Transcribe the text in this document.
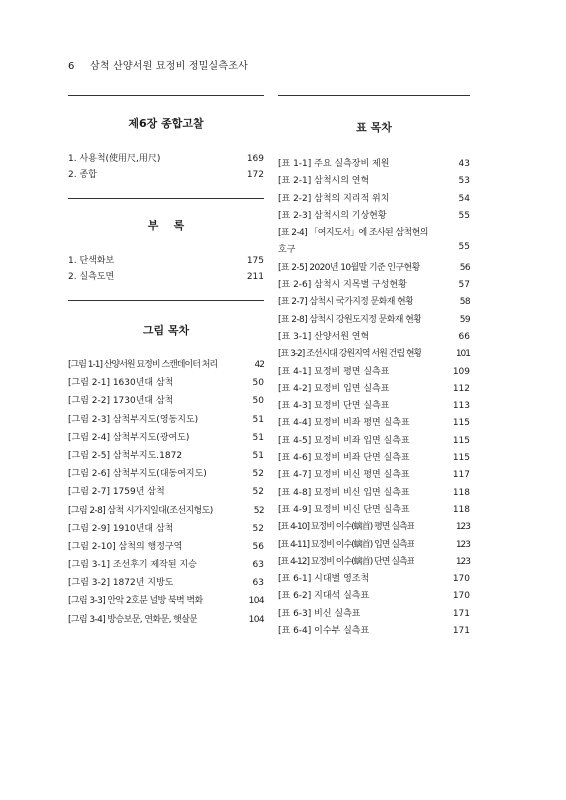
6 삼척 산양서원 묘정비 정밀실측조사
제6장 종합고찰
1. 사용척(使用尺,用尺)	169
2. 종합	172
부    록
1. 단색화보	175
2. 실측도면	211
그림 목차
[그림 1-1] 산양서원 묘정비 스캔데이터 처리	42
[그림 2-1] 1630년대 삼척	50
[그림 2-2] 1730년대 삼척	50
[그림 2-3] 삼척부지도(영동지도)	51
[그림 2-4] 삼척부지도(광여도)	51
[그림 2-5] 삼척부지도.1872	51
[그림 2-6] 삼척부지도(대동여지도)	52
[그림 2-7] 1759년 삼척	52
[그림 2-8] 삼척 시가지일대(조선지형도)	52
[그림 2-9] 1910년대 삼척	52
[그림 2-10] 삼척의 행정구역	56
[그림 3-1] 조선후기 제작된 지승	63
[그림 3-2] 1872년 지방도	63
[그림 3-3] 안악 2호분 널방 북벽 벽화	104
[그림 3-4] 방승보문, 연화문, 햇살문	104
표 목차
[표 1-1] 주요 실측장비 제원	43
[표 2-1] 삼척시의 연혁	53
[표 2-2] 삼척의 지리적 위치	54
[표 2-3] 삼척시의 기상현황	55
[표 2-4] 「여지도서」에 조사된 삼척현의
호구	55
[표 2-5] 2020년 10월말 기준 인구현황	56
[표 2-6] 삼척시 지목별 구성현황	57
[표 2-7] 삼척시 국가지정 문화재 현황	58
[표 2-8] 삼척시 강원도지정 문화재 현황	59
[표 3-1] 산양서원 연혁	66
[표 3-2] 조선시대 강원지역 서원 건립 현황	101
[표 4-1] 묘정비 평면 실측표	109
[표 4-2] 묘정비 입면 실측표	112
[표 4-3] 묘정비 단면 실측표	113
[표 4-4] 묘정비 비좌 평면 실측표	115
[표 4-5] 묘정비 비좌 입면 실측표	115
[표 4-6] 묘정비 비좌 단면 실측표	115
[표 4-7] 묘정비 비신 평면 실측표	117
[표 4-8] 묘정비 비신 입면 실측표	118
[표 4-9] 묘정비 비신 단면 실측표	118
[표 4-10] 묘정비 이수(螭首) 평면 실측표	123
[표 4-11] 묘정비 이수(螭首) 입면 실측표	123
[표 4-12] 묘정비 이수(螭首) 단면 실측표	123
[표 6-1] 시대별 영조척	170
[표 6-2] 지대석 실측표	170
[표 6-3] 비신 실측표	171
[표 6-4] 이수부 실측표	171
